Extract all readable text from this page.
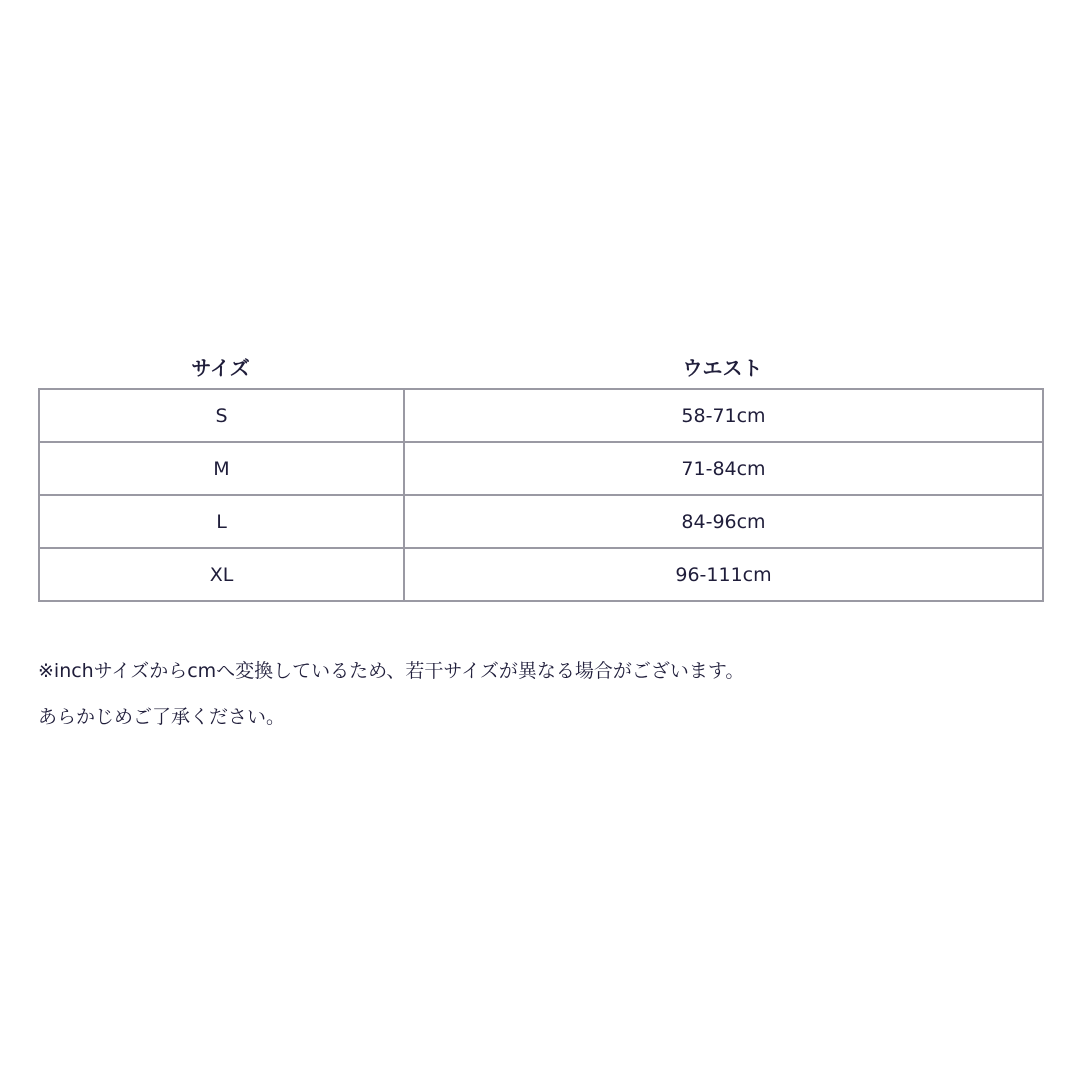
サイズ	ウエスト
S	58-71cm
M	71-84cm
L	84-96cm
XL	96-111cm
※inchサイズからcmへ変換しているため、若干サイズが異なる場合がございます。
あらかじめご了承ください。
